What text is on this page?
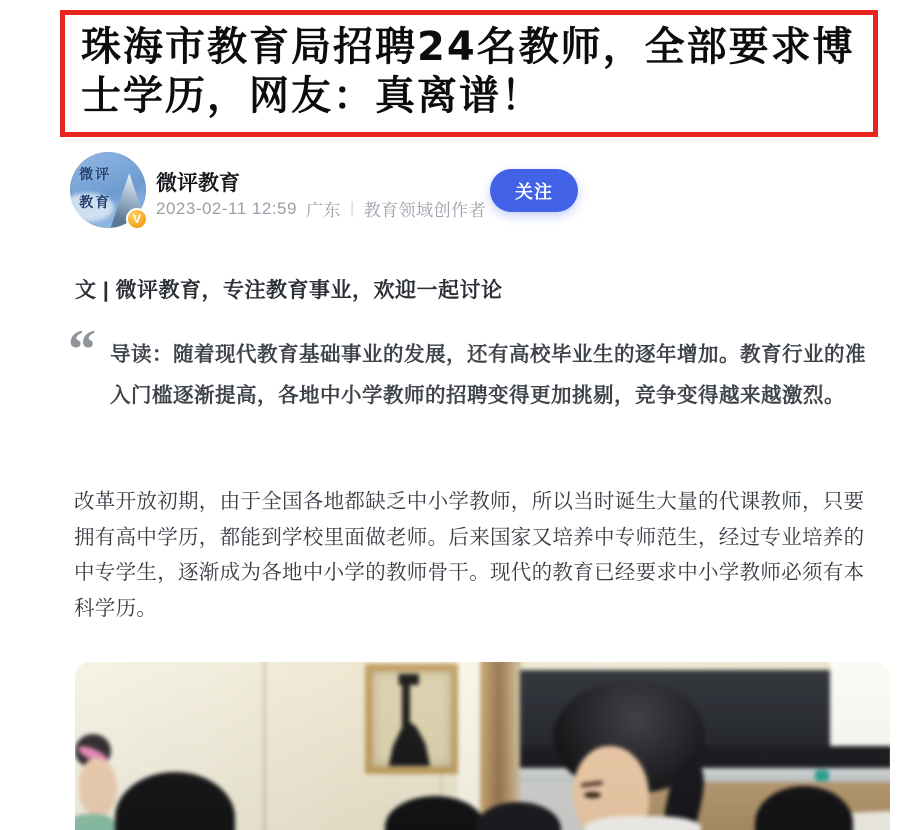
珠海市教育局招聘24名教师，全部要求博士学历，网友：真离谱！
微评
教育
V
微评教育
2023-02-11 12:59 广东 | 教育领域创作者
关注

文 | 微评教育，专注教育事业，欢迎一起讨论

“ 导读：随着现代教育基础事业的发展，还有高校毕业生的逐年增加。教育行业的准入门槛逐渐提高，各地中小学教师的招聘变得更加挑剔，竞争变得越来越激烈。

改革开放初期，由于全国各地都缺乏中小学教师，所以当时诞生大量的代课教师，只要拥有高中学历，都能到学校里面做老师。后来国家又培养中专师范生，经过专业培养的中专学生，逐渐成为各地中小学的教师骨干。现代的教育已经要求中小学教师必须有本科学历。
